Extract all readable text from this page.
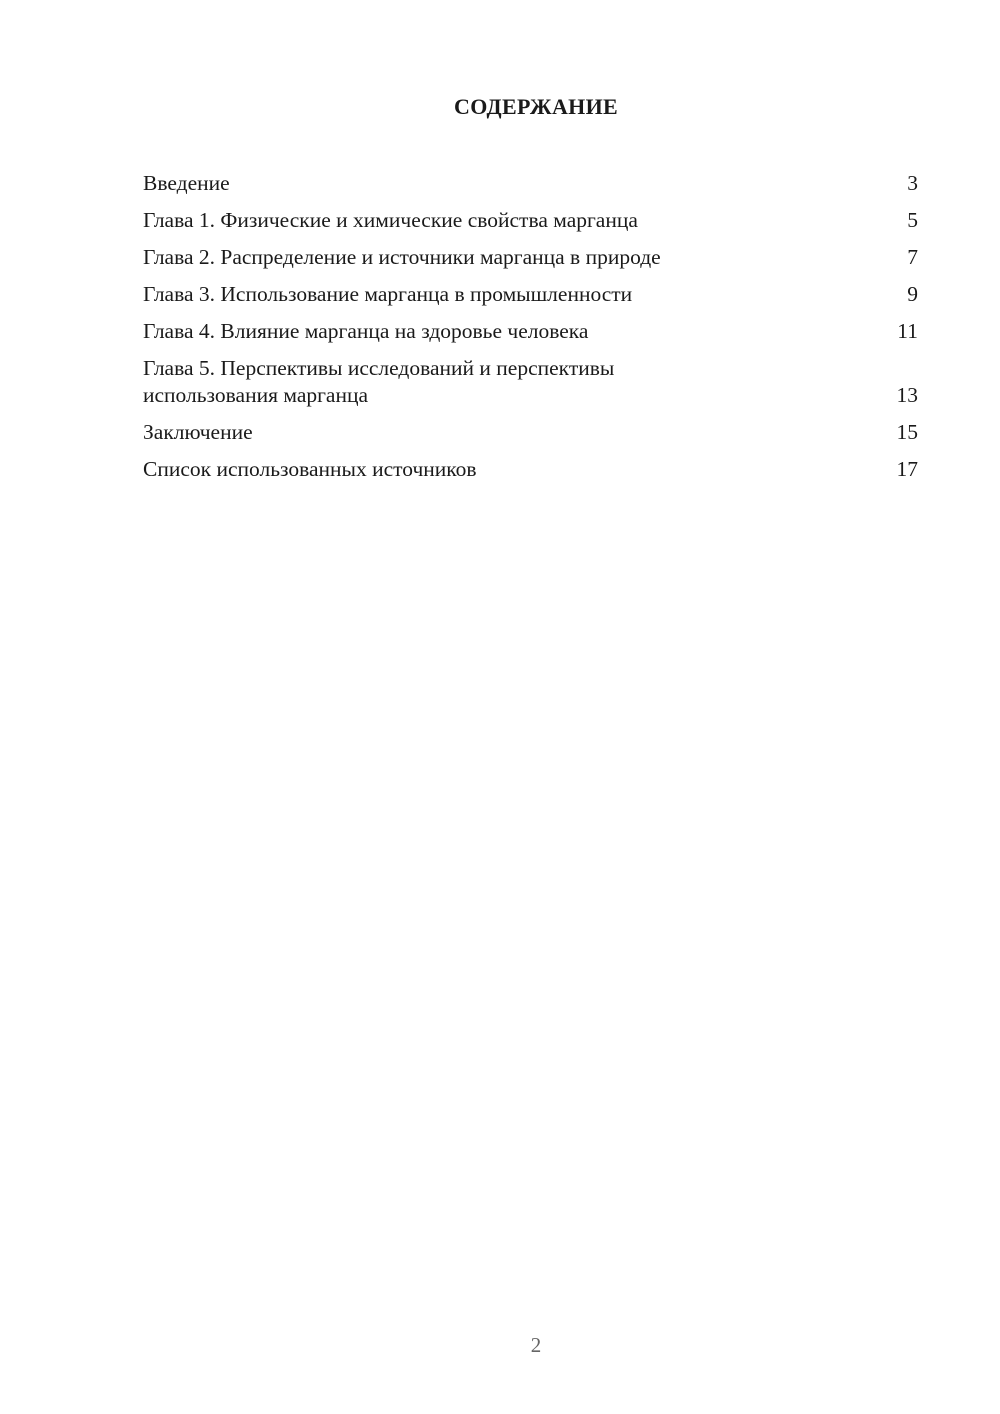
СОДЕРЖАНИЕ
Введение	3
Глава 1. Физические и химические свойства марганца	5
Глава 2. Распределение и источники марганца в природе	7
Глава 3. Использование марганца в промышленности	9
Глава 4. Влияние марганца на здоровье человека	11
Глава 5. Перспективы исследований и перспективы использования марганца	13
Заключение	15
Список использованных источников	17
2
